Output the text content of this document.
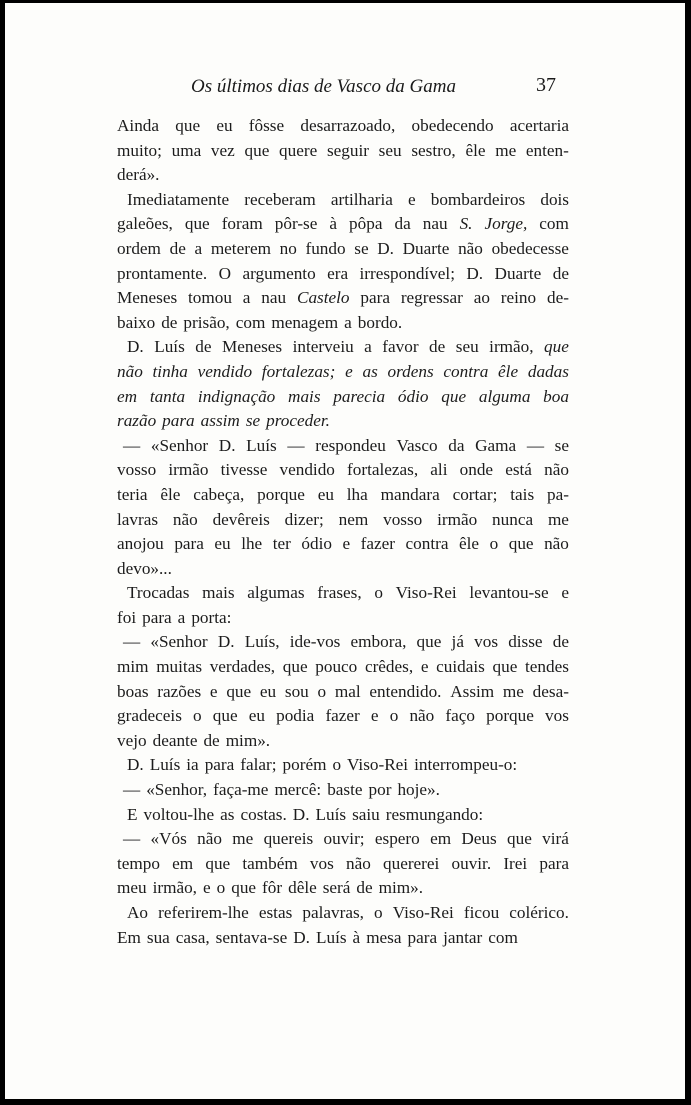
Os últimos dias de Vasco da Gama	37

Ainda que eu fôsse desarrazoado, obedecendo acertaria
muito; uma vez que quere seguir seu sestro, êle me enten-
derá».

Imediatamente receberam artilharia e bombardeiros dois
galeões, que foram pôr-se à pôpa da nau S. Jorge, com
ordem de a meterem no fundo se D. Duarte não obedecesse
prontamente. O argumento era irrespondível; D. Duarte de
Meneses tomou a nau Castelo para regressar ao reino de-
baixo de prisão, com menagem a bordo.

D. Luís de Meneses interveiu a favor de seu irmão, que
não tinha vendido fortalezas; e as ordens contra êle dadas
em tanta indignação mais parecia ódio que alguma boa
razão para assim se proceder.

— «Senhor D. Luís — respondeu Vasco da Gama — se
vosso irmão tivesse vendido fortalezas, ali onde está não
teria êle cabeça, porque eu lha mandara cortar; tais pa-
lavras não devêreis dizer; nem vosso irmão nunca me
anojou para eu lhe ter ódio e fazer contra êle o que não
devo»...

Trocadas mais algumas frases, o Viso-Rei levantou-se e
foi para a porta:

— «Senhor D. Luís, ide-vos embora, que já vos disse de
mim muitas verdades, que pouco crêdes, e cuidais que tendes
boas razões e que eu sou o mal entendido. Assim me desa-
gradeceis o que eu podia fazer e o não faço porque vos
vejo deante de mim».

D. Luís ia para falar; porém o Viso-Rei interrompeu-o:

— «Senhor, faça-me mercê: baste por hoje».

E voltou-lhe as costas. D. Luís saiu resmungando:

— «Vós não me quereis ouvir; espero em Deus que virá
tempo em que também vos não quererei ouvir. Irei para
meu irmão, e o que fôr dêle será de mim».

Ao referirem-lhe estas palavras, o Viso-Rei ficou colérico.
Em sua casa, sentava-se D. Luís à mesa para jantar com
